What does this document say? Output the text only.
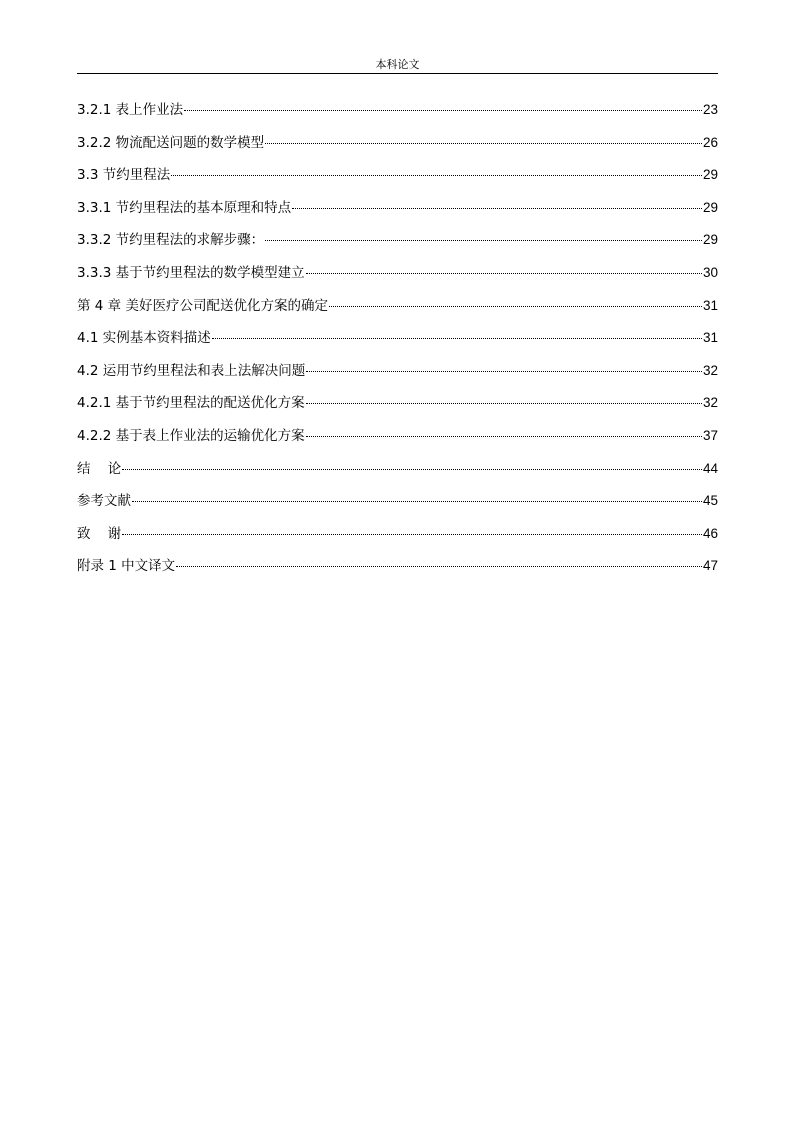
本科论文
3.2.1 表上作业法	23
3.2.2 物流配送问题的数学模型	26
3.3 节约里程法	29
3.3.1 节约里程法的基本原理和特点	29
3.3.2 节约里程法的求解步骤：	29
3.3.3 基于节约里程法的数学模型建立	30
第 4 章 美好医疗公司配送优化方案的确定	31
4.1 实例基本资料描述	31
4.2 运用节约里程法和表上法解决问题	32
4.2.1 基于节约里程法的配送优化方案	32
4.2.2 基于表上作业法的运输优化方案	37
结    论	44
参考文献	45
致    谢	46
附录 1 中文译文	47
